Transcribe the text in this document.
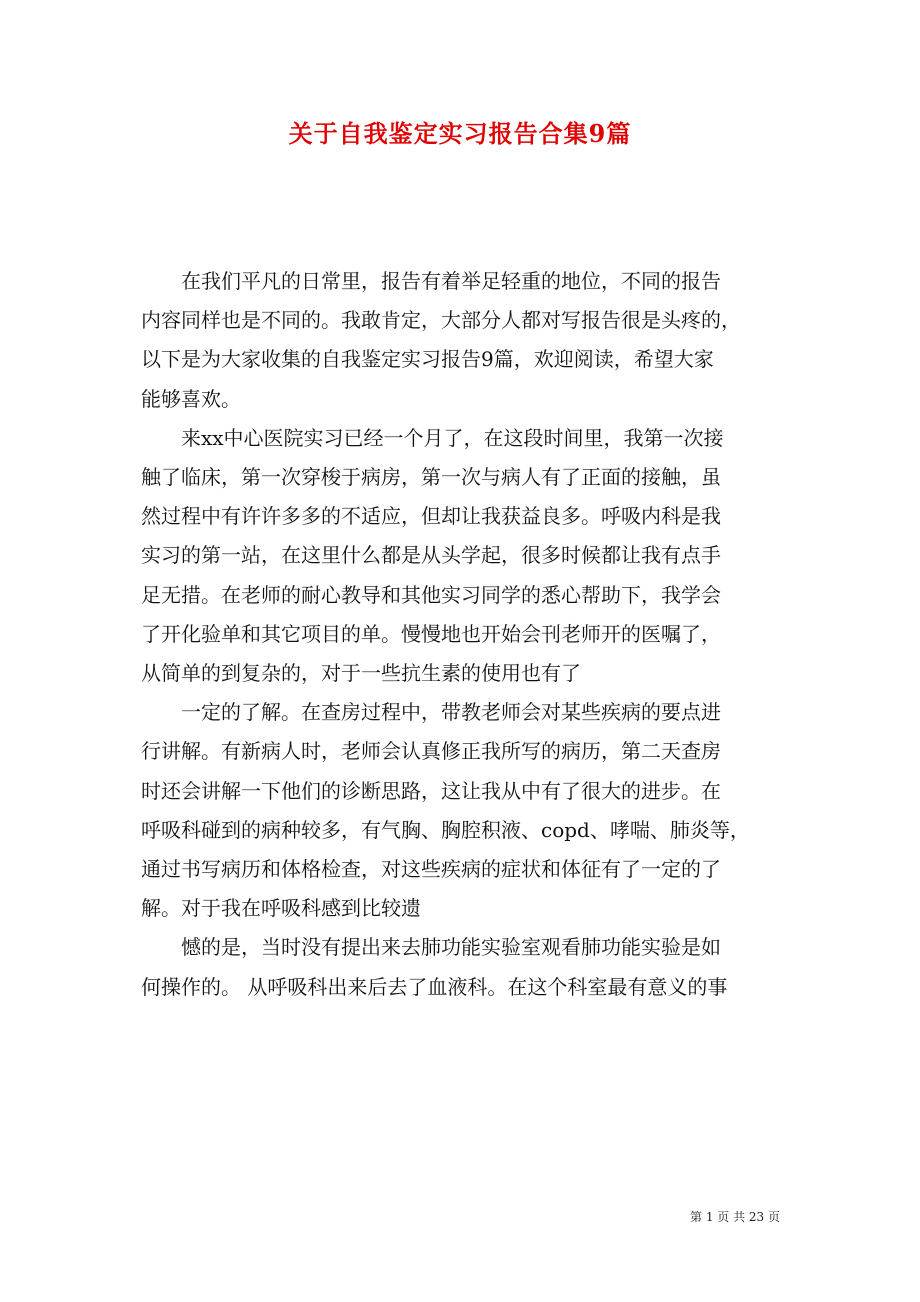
关于自我鉴定实习报告合集9篇

在我们平凡的日常里，报告有着举足轻重的地位，不同的报告
内容同样也是不同的。我敢肯定，大部分人都对写报告很是头疼的，
以下是为大家收集的自我鉴定实习报告9篇，欢迎阅读，希望大家
能够喜欢。

来xx中心医院实习已经一个月了，在这段时间里，我第一次接
触了临床，第一次穿梭于病房，第一次与病人有了正面的接触，虽
然过程中有许许多多的不适应，但却让我获益良多。呼吸内科是我
实习的第一站，在这里什么都是从头学起，很多时候都让我有点手
足无措。在老师的耐心教导和其他实习同学的悉心帮助下，我学会
了开化验单和其它项目的单。慢慢地也开始会刊老师开的医嘱了，
从简单的到复杂的，对于一些抗生素的使用也有了

一定的了解。在查房过程中，带教老师会对某些疾病的要点进
行讲解。有新病人时，老师会认真修正我所写的病历，第二天查房
时还会讲解一下他们的诊断思路，这让我从中有了很大的进步。在
呼吸科碰到的病种较多，有气胸、胸腔积液、copd、哮喘、肺炎等，
通过书写病历和体格检查，对这些疾病的症状和体征有了一定的了
解。对于我在呼吸科感到比较遗

憾的是，当时没有提出来去肺功能实验室观看肺功能实验是如
何操作的。 从呼吸科出来后去了血液科。在这个科室最有意义的事

第 1 页 共 23 页
